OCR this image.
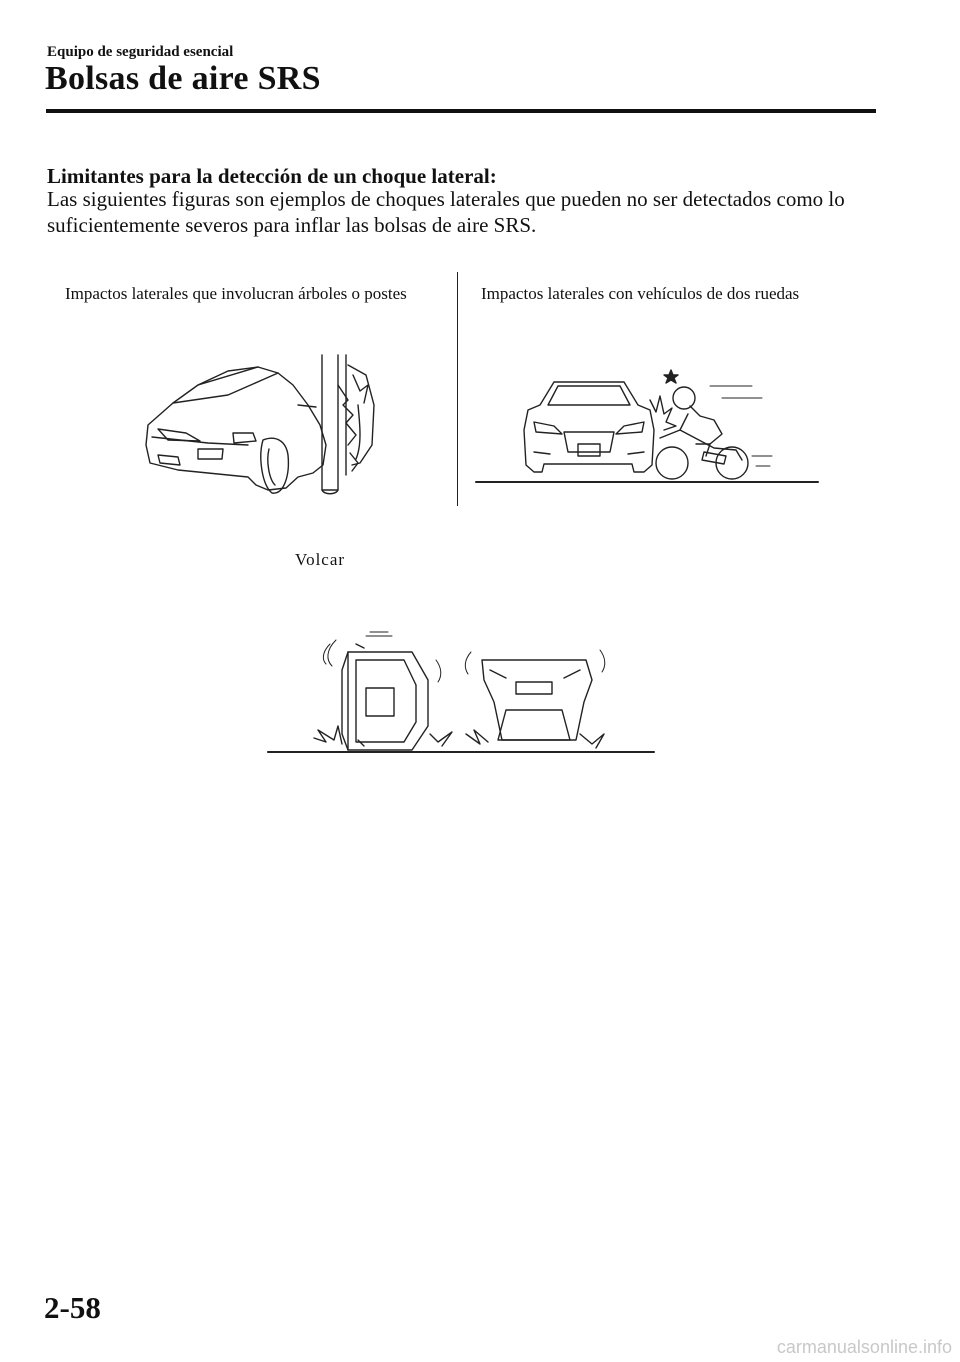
Equipo de seguridad esencial
Bolsas de aire SRS
Limitantes para la detección de un choque lateral:
Las siguientes figuras son ejemplos de choques laterales que pueden no ser detectados como lo suficientemente severos para inflar las bolsas de aire SRS.
Impactos laterales que involucran árboles o postes	Impactos laterales con vehículos de dos ruedas
Volcar
2-58
carmanualsonline.info
